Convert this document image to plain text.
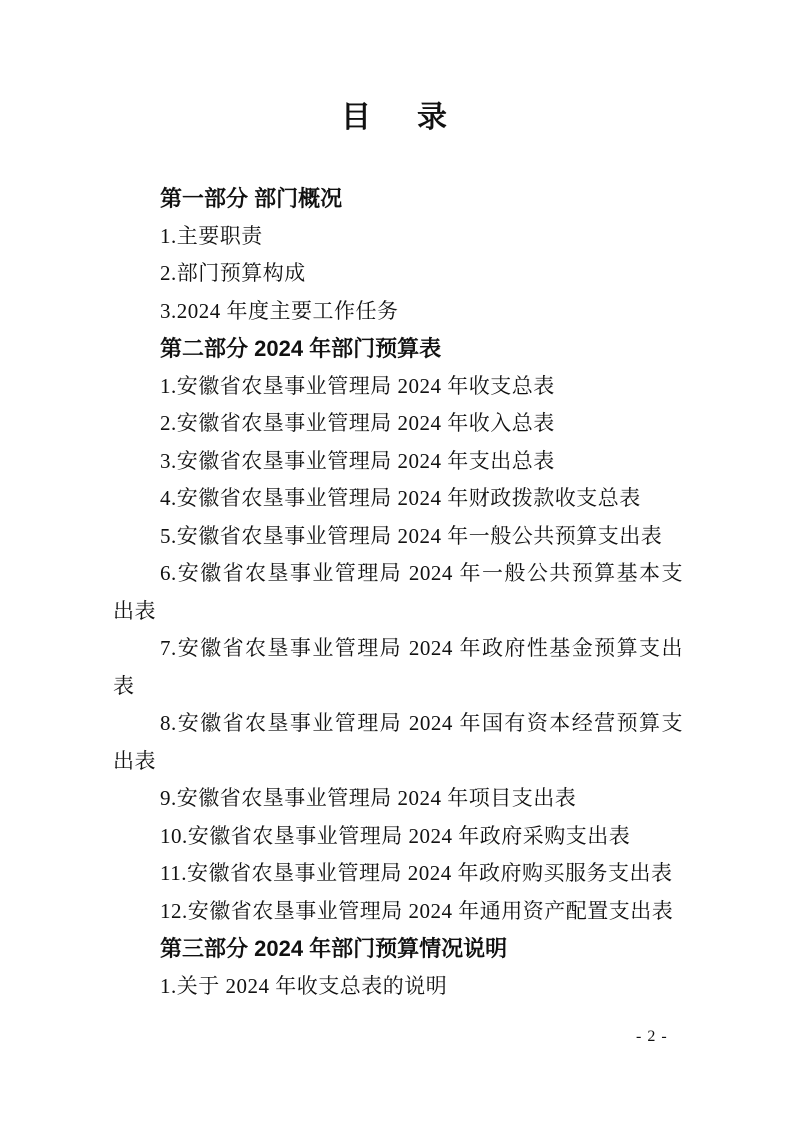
目　录

第一部分 部门概况

1.主要职责

2.部门预算构成

3.2024 年度主要工作任务

第二部分 2024 年部门预算表

1.安徽省农垦事业管理局 2024 年收支总表

2.安徽省农垦事业管理局 2024 年收入总表

3.安徽省农垦事业管理局 2024 年支出总表

4.安徽省农垦事业管理局 2024 年财政拨款收支总表

5.安徽省农垦事业管理局 2024 年一般公共预算支出表

6.安徽省农垦事业管理局 2024 年一般公共预算基本支出表

7.安徽省农垦事业管理局 2024 年政府性基金预算支出表

8.安徽省农垦事业管理局 2024 年国有资本经营预算支出表

9.安徽省农垦事业管理局 2024 年项目支出表

10.安徽省农垦事业管理局 2024 年政府采购支出表

11.安徽省农垦事业管理局 2024 年政府购买服务支出表

12.安徽省农垦事业管理局 2024 年通用资产配置支出表

第三部分 2024 年部门预算情况说明

1.关于 2024 年收支总表的说明

- 2 -
